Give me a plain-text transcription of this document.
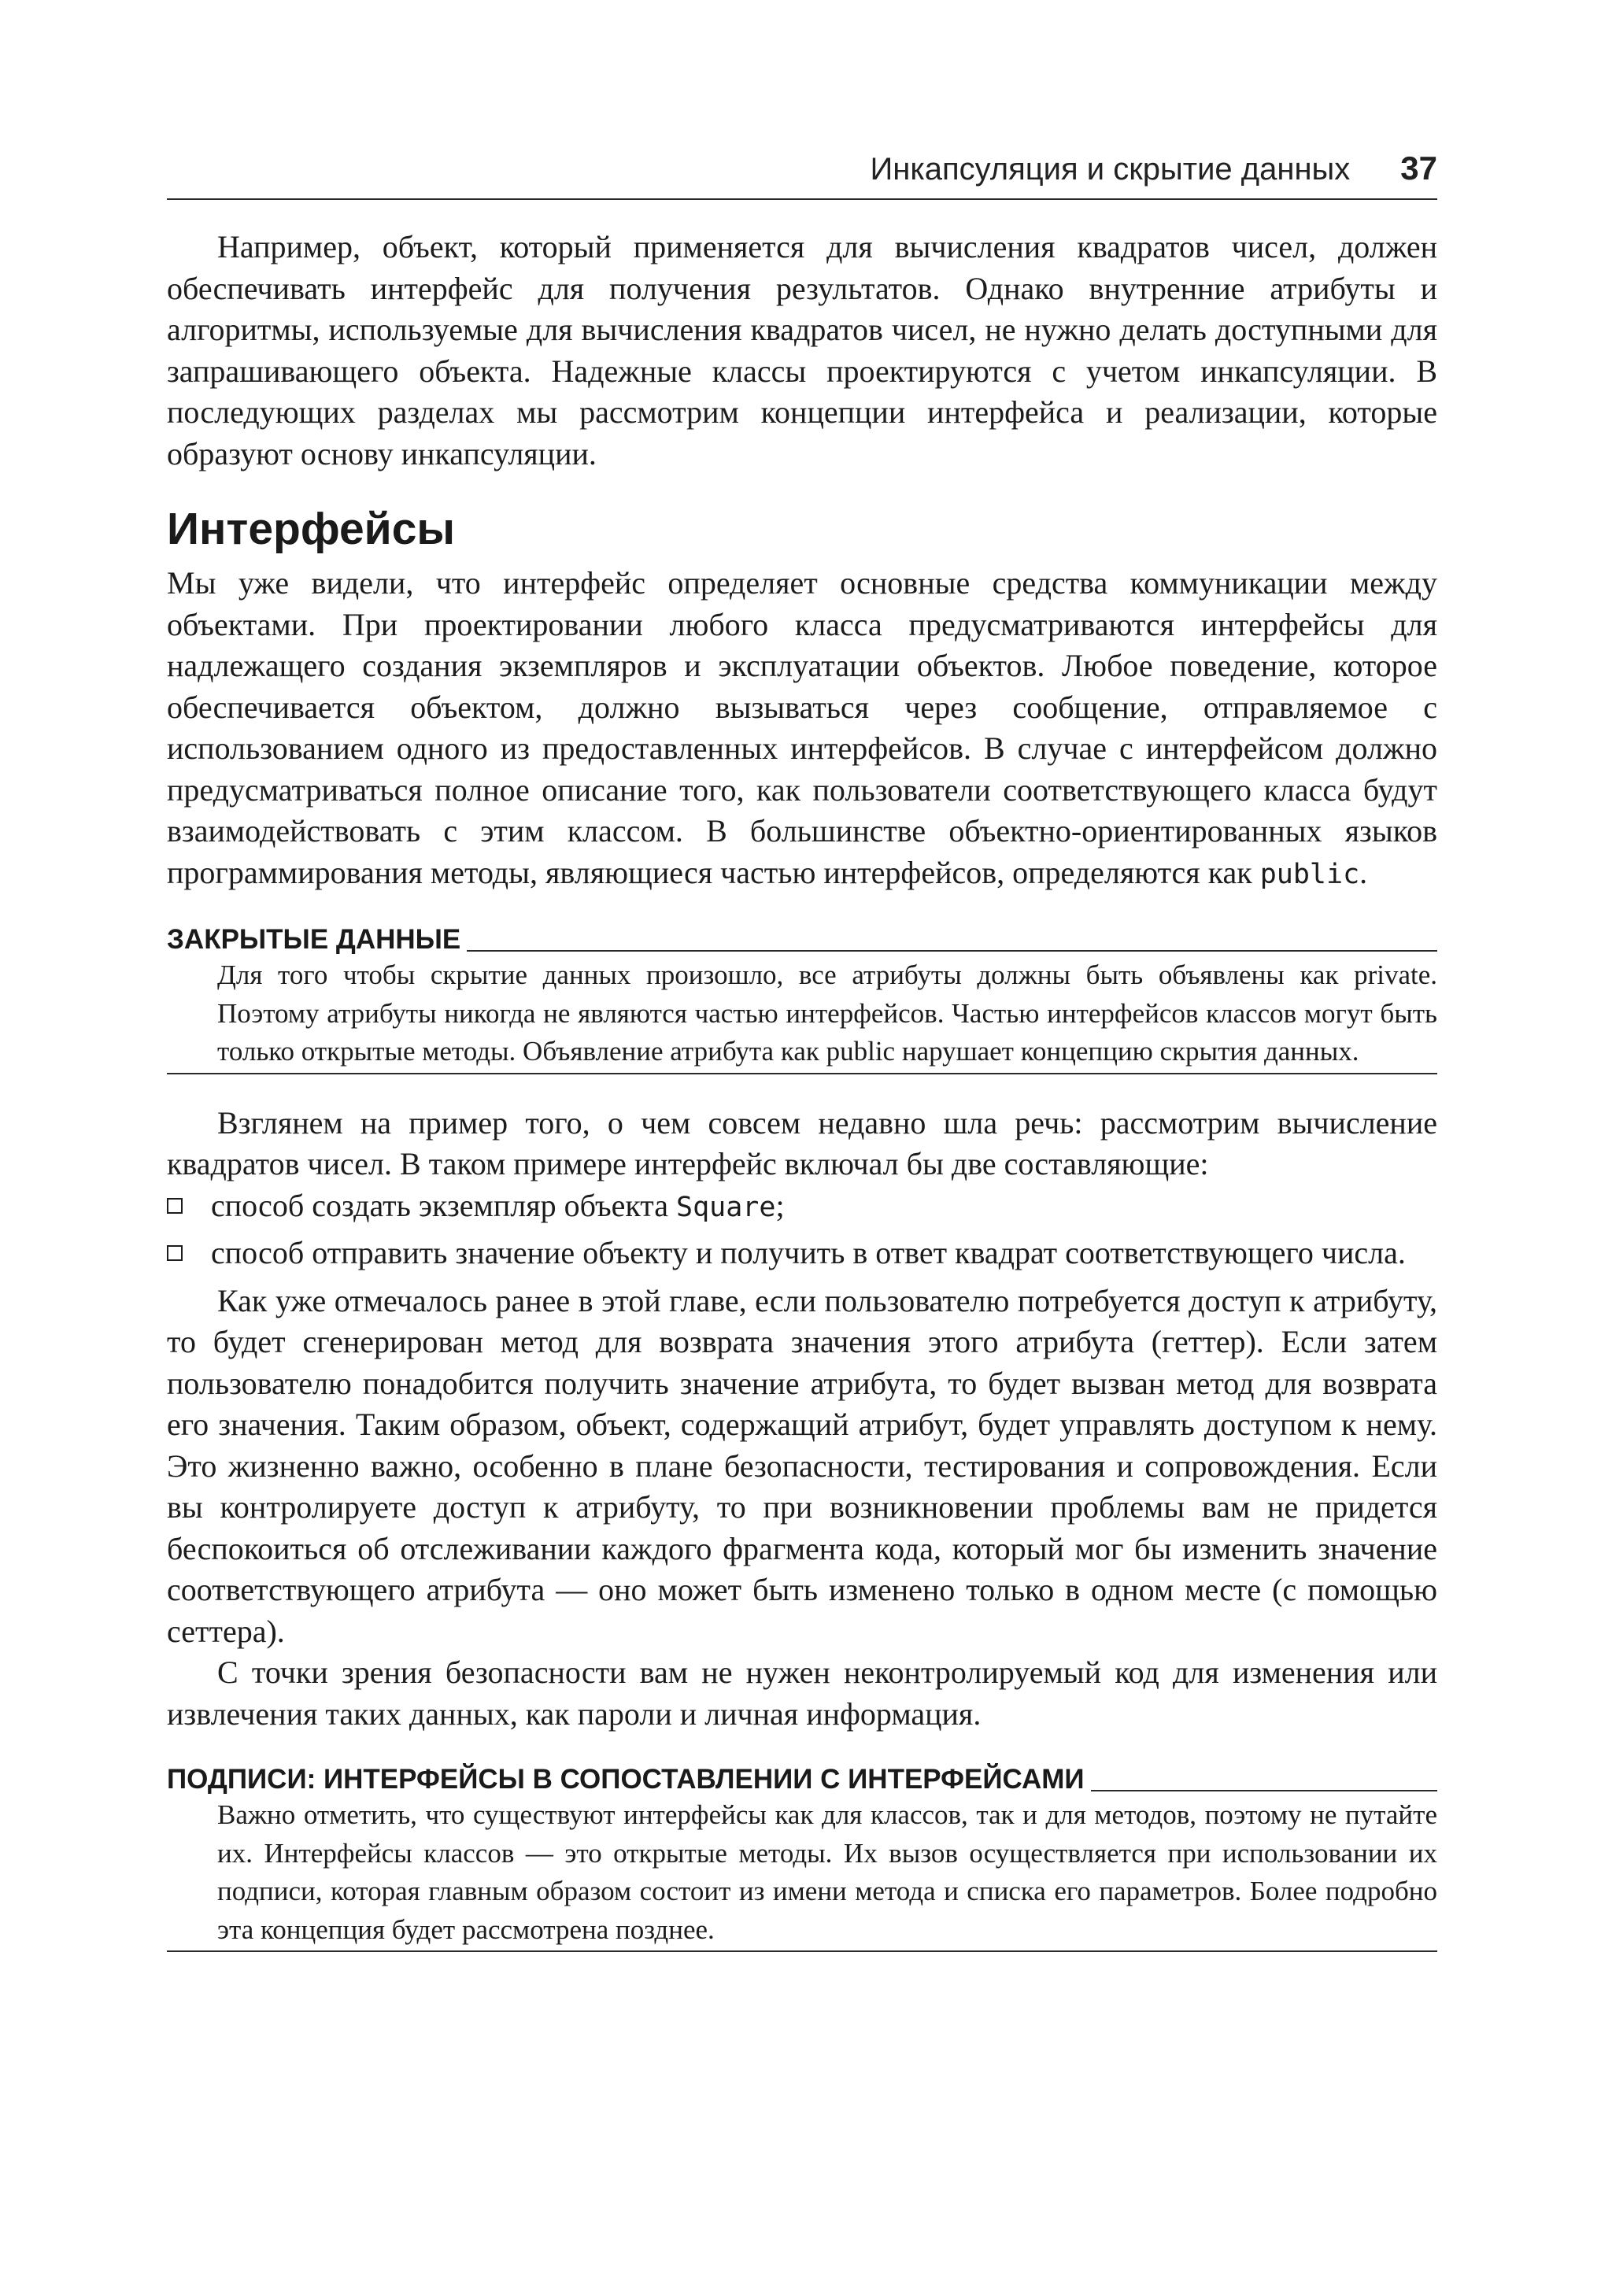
Инкапсуляция и скрытие данных 37

Например, объект, который применяется для вычисления квадратов чисел, должен обеспечивать интерфейс для получения результатов. Однако внутренние атрибуты и алгоритмы, используемые для вычисления квадратов чисел, не нужно делать доступными для запрашивающего объекта. Надежные классы проектируются с учетом инкапсуляции. В последующих разделах мы рассмотрим концепции интерфейса и реализации, которые образуют основу инкапсуляции.

Интерфейсы

Мы уже видели, что интерфейс определяет основные средства коммуникации между объектами. При проектировании любого класса предусматриваются интерфейсы для надлежащего создания экземпляров и эксплуатации объектов. Любое поведение, которое обеспечивается объектом, должно вызываться через сообщение, отправляемое с использованием одного из предоставленных интерфейсов. В случае с интерфейсом должно предусматриваться полное описание того, как пользователи соответствующего класса будут взаимодействовать с этим классом. В большинстве объектно-ориентированных языков программирования методы, являющиеся частью интерфейсов, определяются как public.

ЗАКРЫТЫЕ ДАННЫЕ

Для того чтобы скрытие данных произошло, все атрибуты должны быть объявлены как private. Поэтому атрибуты никогда не являются частью интерфейсов. Частью интерфейсов классов могут быть только открытые методы. Объявление атрибута как public нарушает концепцию скрытия данных.

Взглянем на пример того, о чем совсем недавно шла речь: рассмотрим вычисление квадратов чисел. В таком примере интерфейс включал бы две составляющие:

способ создать экземпляр объекта Square;
способ отправить значение объекту и получить в ответ квадрат соответствующего числа.

Как уже отмечалось ранее в этой главе, если пользователю потребуется доступ к атрибуту, то будет сгенерирован метод для возврата значения этого атрибута (геттер). Если затем пользователю понадобится получить значение атрибута, то будет вызван метод для возврата его значения. Таким образом, объект, содержащий атрибут, будет управлять доступом к нему. Это жизненно важно, особенно в плане безопасности, тестирования и сопровождения. Если вы контролируете доступ к атрибуту, то при возникновении проблемы вам не придется беспокоиться об отслеживании каждого фрагмента кода, который мог бы изменить значение соответствующего атрибута — оно может быть изменено только в одном месте (с помощью сеттера).

С точки зрения безопасности вам не нужен неконтролируемый код для изменения или извлечения таких данных, как пароли и личная информация.

ПОДПИСИ: ИНТЕРФЕЙСЫ В СОПОСТАВЛЕНИИ С ИНТЕРФЕЙСАМИ

Важно отметить, что существуют интерфейсы как для классов, так и для методов, поэтому не путайте их. Интерфейсы классов — это открытые методы. Их вызов осуществляется при использовании их подписи, которая главным образом состоит из имени метода и списка его параметров. Более подробно эта концепция будет рассмотрена позднее.
